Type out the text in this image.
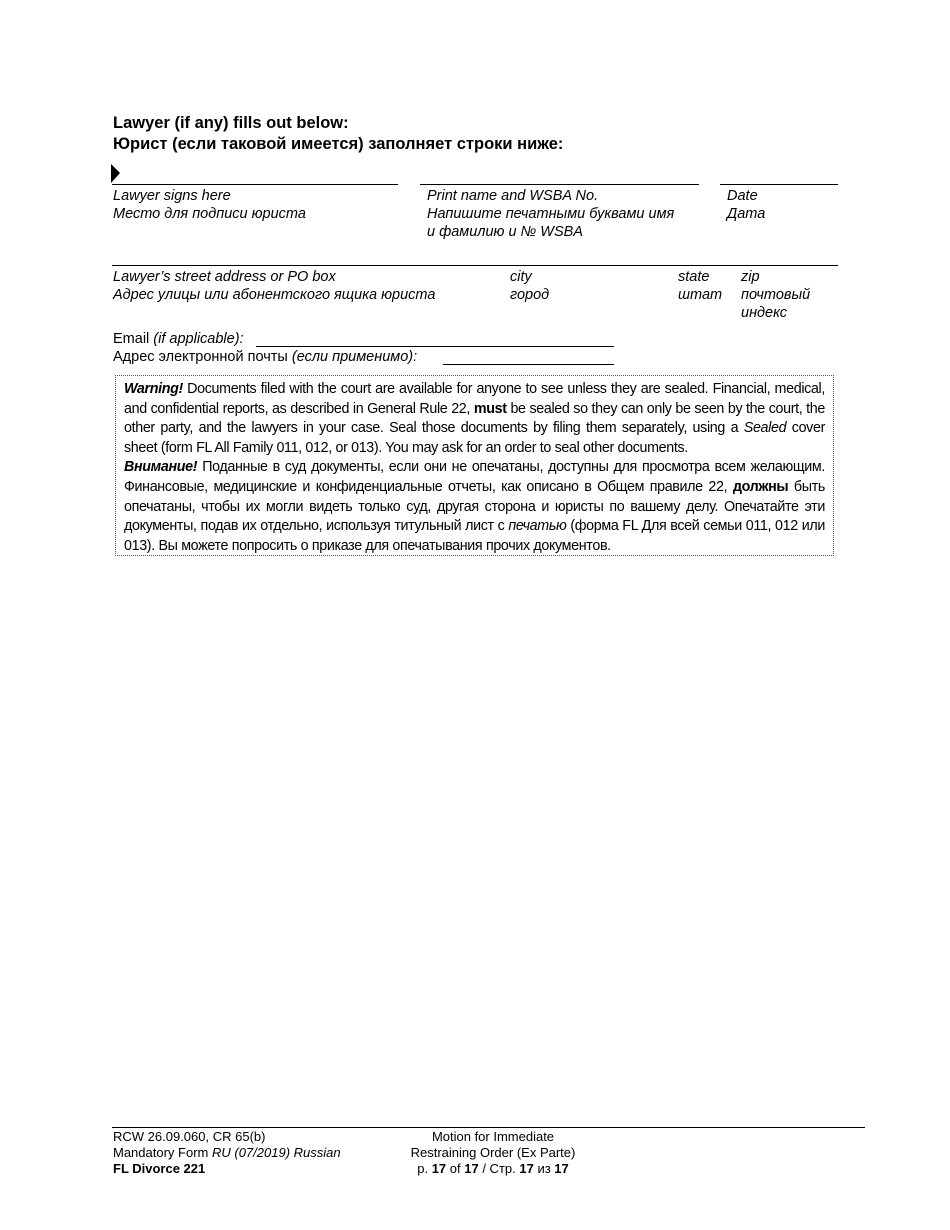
Lawyer (if any) fills out below:
Юрист (если таковой имеется) заполняет строки ниже:
Lawyer signs here
Место для подписи юриста
Print name and WSBA No.
Напишите печатными буквами имя
и фамилию и № WSBA
Date
Дата
Lawyer’s street address or PO box
Адрес улицы или абонентского ящика юриста
city
город
state
штат
zip
почтовый
индекс
Email (if applicable):
Адрес электронной почты (если применимо):

Warning! Documents filed with the court are available for anyone to see unless they are sealed. Financial, medical, and confidential reports, as described in General Rule 22, must be sealed so they can only be seen by the court, the other party, and the lawyers in your case. Seal those documents by filing them separately, using a Sealed cover sheet (form FL All Family 011, 012, or 013). You may ask for an order to seal other documents.

Внимание! Поданные в суд документы, если они не опечатаны, доступны для просмотра всем желающим. Финансовые, медицинские и конфиденциальные отчеты, как описано в Общем правиле 22, должны быть опечатаны, чтобы их могли видеть только суд, другая сторона и юристы по вашему делу. Опечатайте эти документы, подав их отдельно, используя титульный лист с печатью (форма FL Для всей семьи 011, 012 или 013). Вы можете попросить о приказе для опечатывания прочих документов.

RCW 26.09.060, CR 65(b)
Mandatory Form RU (07/2019) Russian
FL Divorce 221
Motion for Immediate
Restraining Order (Ex Parte)
p. 17 of 17 / Стр. 17 из 17
